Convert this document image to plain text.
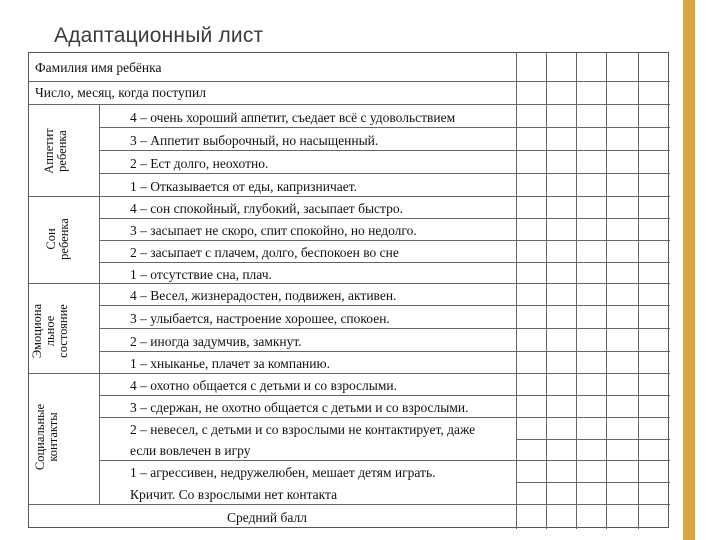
Адаптационный лист
Фамилия имя ребёнка
Число, месяц, когда поступил
Аппетит ребенка
Сон ребенка
Эмоциона льное состояние
Социальные контакты
4 – очень хороший аппетит, съедает всё с удовольствием
3 – Аппетит выборочный, но насыщенный.
2 – Ест долго, неохотно.
1 – Отказывается от еды, капризничает.
4 – сон спокойный, глубокий, засыпает быстро.
3 – засыпает не скоро, спит спокойно, но недолго.
2 – засыпает с плачем, долго, беспокоен во сне
1 – отсутствие сна, плач.
4 – Весел, жизнерадостен, подвижен, активен.
3 – улыбается, настроение хорошее, спокоен.
2 – иногда задумчив, замкнут.
1 – хныканье, плачет за компанию.
4 – охотно общается с детьми и со взрослыми.
3 – сдержан, не охотно общается с детьми и со взрослыми.
2 – невесел, с детьми и со взрослыми не контактирует, даже
если вовлечен в игру
1 – агрессивен, недружелюбен, мешает детям играть.
Кричит. Со взрослыми нет контакта
Средний балл
